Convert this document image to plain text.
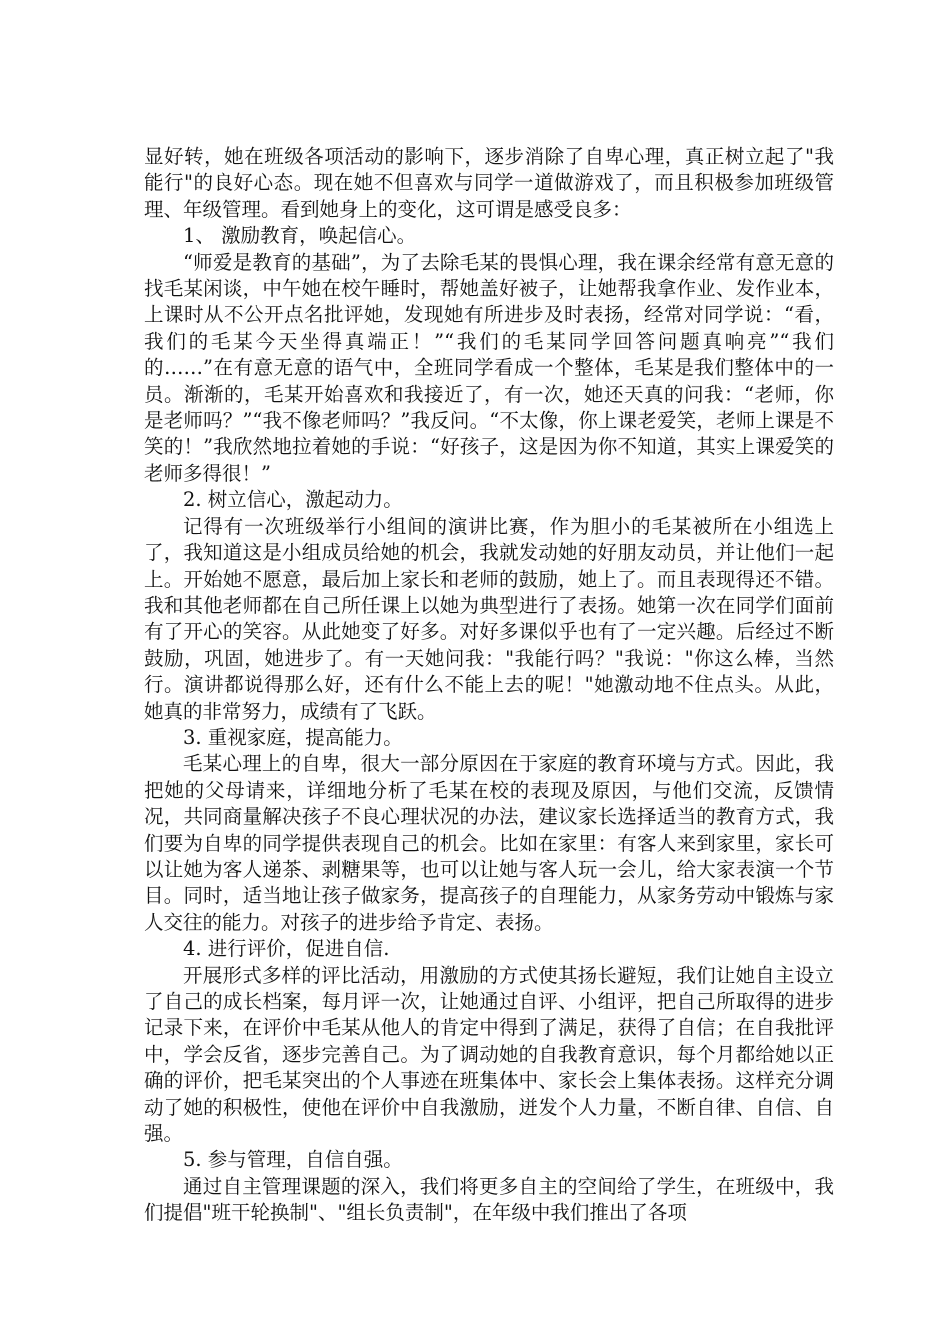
显好转，她在班级各项活动的影响下，逐步消除了自卑心理，真正树立起了"我能行"的良好心态。现在她不但喜欢与同学一道做游戏了，而且积极参加班级管理、年级管理。看到她身上的变化，这可谓是感受良多：

1、 激励教育，唤起信心。

“师爱是教育的基础”，为了去除毛某的畏惧心理，我在课余经常有意无意的找毛某闲谈，中午她在校午睡时，帮她盖好被子，让她帮我拿作业、发作业本，上课时从不公开点名批评她，发现她有所进步及时表扬，经常对同学说：“看，我们的毛某今天坐得真端正！”“我们的毛某同学回答问题真响亮”“我们的……”在有意无意的语气中，全班同学看成一个整体，毛某是我们整体中的一员。渐渐的，毛某开始喜欢和我接近了，有一次，她还天真的问我：“老师，你是老师吗？”“我不像老师吗？”我反问。“不太像，你上课老爱笑，老师上课是不笑的！”我欣然地拉着她的手说：“好孩子，这是因为你不知道，其实上课爱笑的老师多得很！”

2. 树立信心，激起动力。

记得有一次班级举行小组间的演讲比赛，作为胆小的毛某被所在小组选上了，我知道这是小组成员给她的机会，我就发动她的好朋友动员，并让他们一起上。开始她不愿意，最后加上家长和老师的鼓励，她上了。而且表现得还不错。我和其他老师都在自己所任课上以她为典型进行了表扬。她第一次在同学们面前有了开心的笑容。从此她变了好多。对好多课似乎也有了一定兴趣。后经过不断鼓励，巩固，她进步了。有一天她问我："我能行吗？"我说："你这么棒，当然行。演讲都说得那么好，还有什么不能上去的呢！"她激动地不住点头。从此，她真的非常努力，成绩有了飞跃。

3. 重视家庭，提高能力。

毛某心理上的自卑，很大一部分原因在于家庭的教育环境与方式。因此，我把她的父母请来，详细地分析了毛某在校的表现及原因，与他们交流，反馈情况，共同商量解决孩子不良心理状况的办法，建议家长选择适当的教育方式，我们要为自卑的同学提供表现自己的机会。比如在家里：有客人来到家里，家长可以让她为客人递茶、剥糖果等，也可以让她与客人玩一会儿，给大家表演一个节目。同时，适当地让孩子做家务，提高孩子的自理能力，从家务劳动中锻炼与家人交往的能力。对孩子的进步给予肯定、表扬。

4. 进行评价，促进自信.

开展形式多样的评比活动，用激励的方式使其扬长避短，我们让她自主设立了自己的成长档案，每月评一次，让她通过自评、小组评，把自己所取得的进步记录下来，在评价中毛某从他人的肯定中得到了满足，获得了自信；在自我批评中，学会反省，逐步完善自己。为了调动她的自我教育意识，每个月都给她以正确的评价，把毛某突出的个人事迹在班集体中、家长会上集体表扬。这样充分调动了她的积极性，使他在评价中自我激励，迸发个人力量，不断自律、自信、自强。

5. 参与管理，自信自强。

通过自主管理课题的深入，我们将更多自主的空间给了学生，在班级中，我们提倡"班干轮换制"、"组长负责制"，在年级中我们推出了各项
